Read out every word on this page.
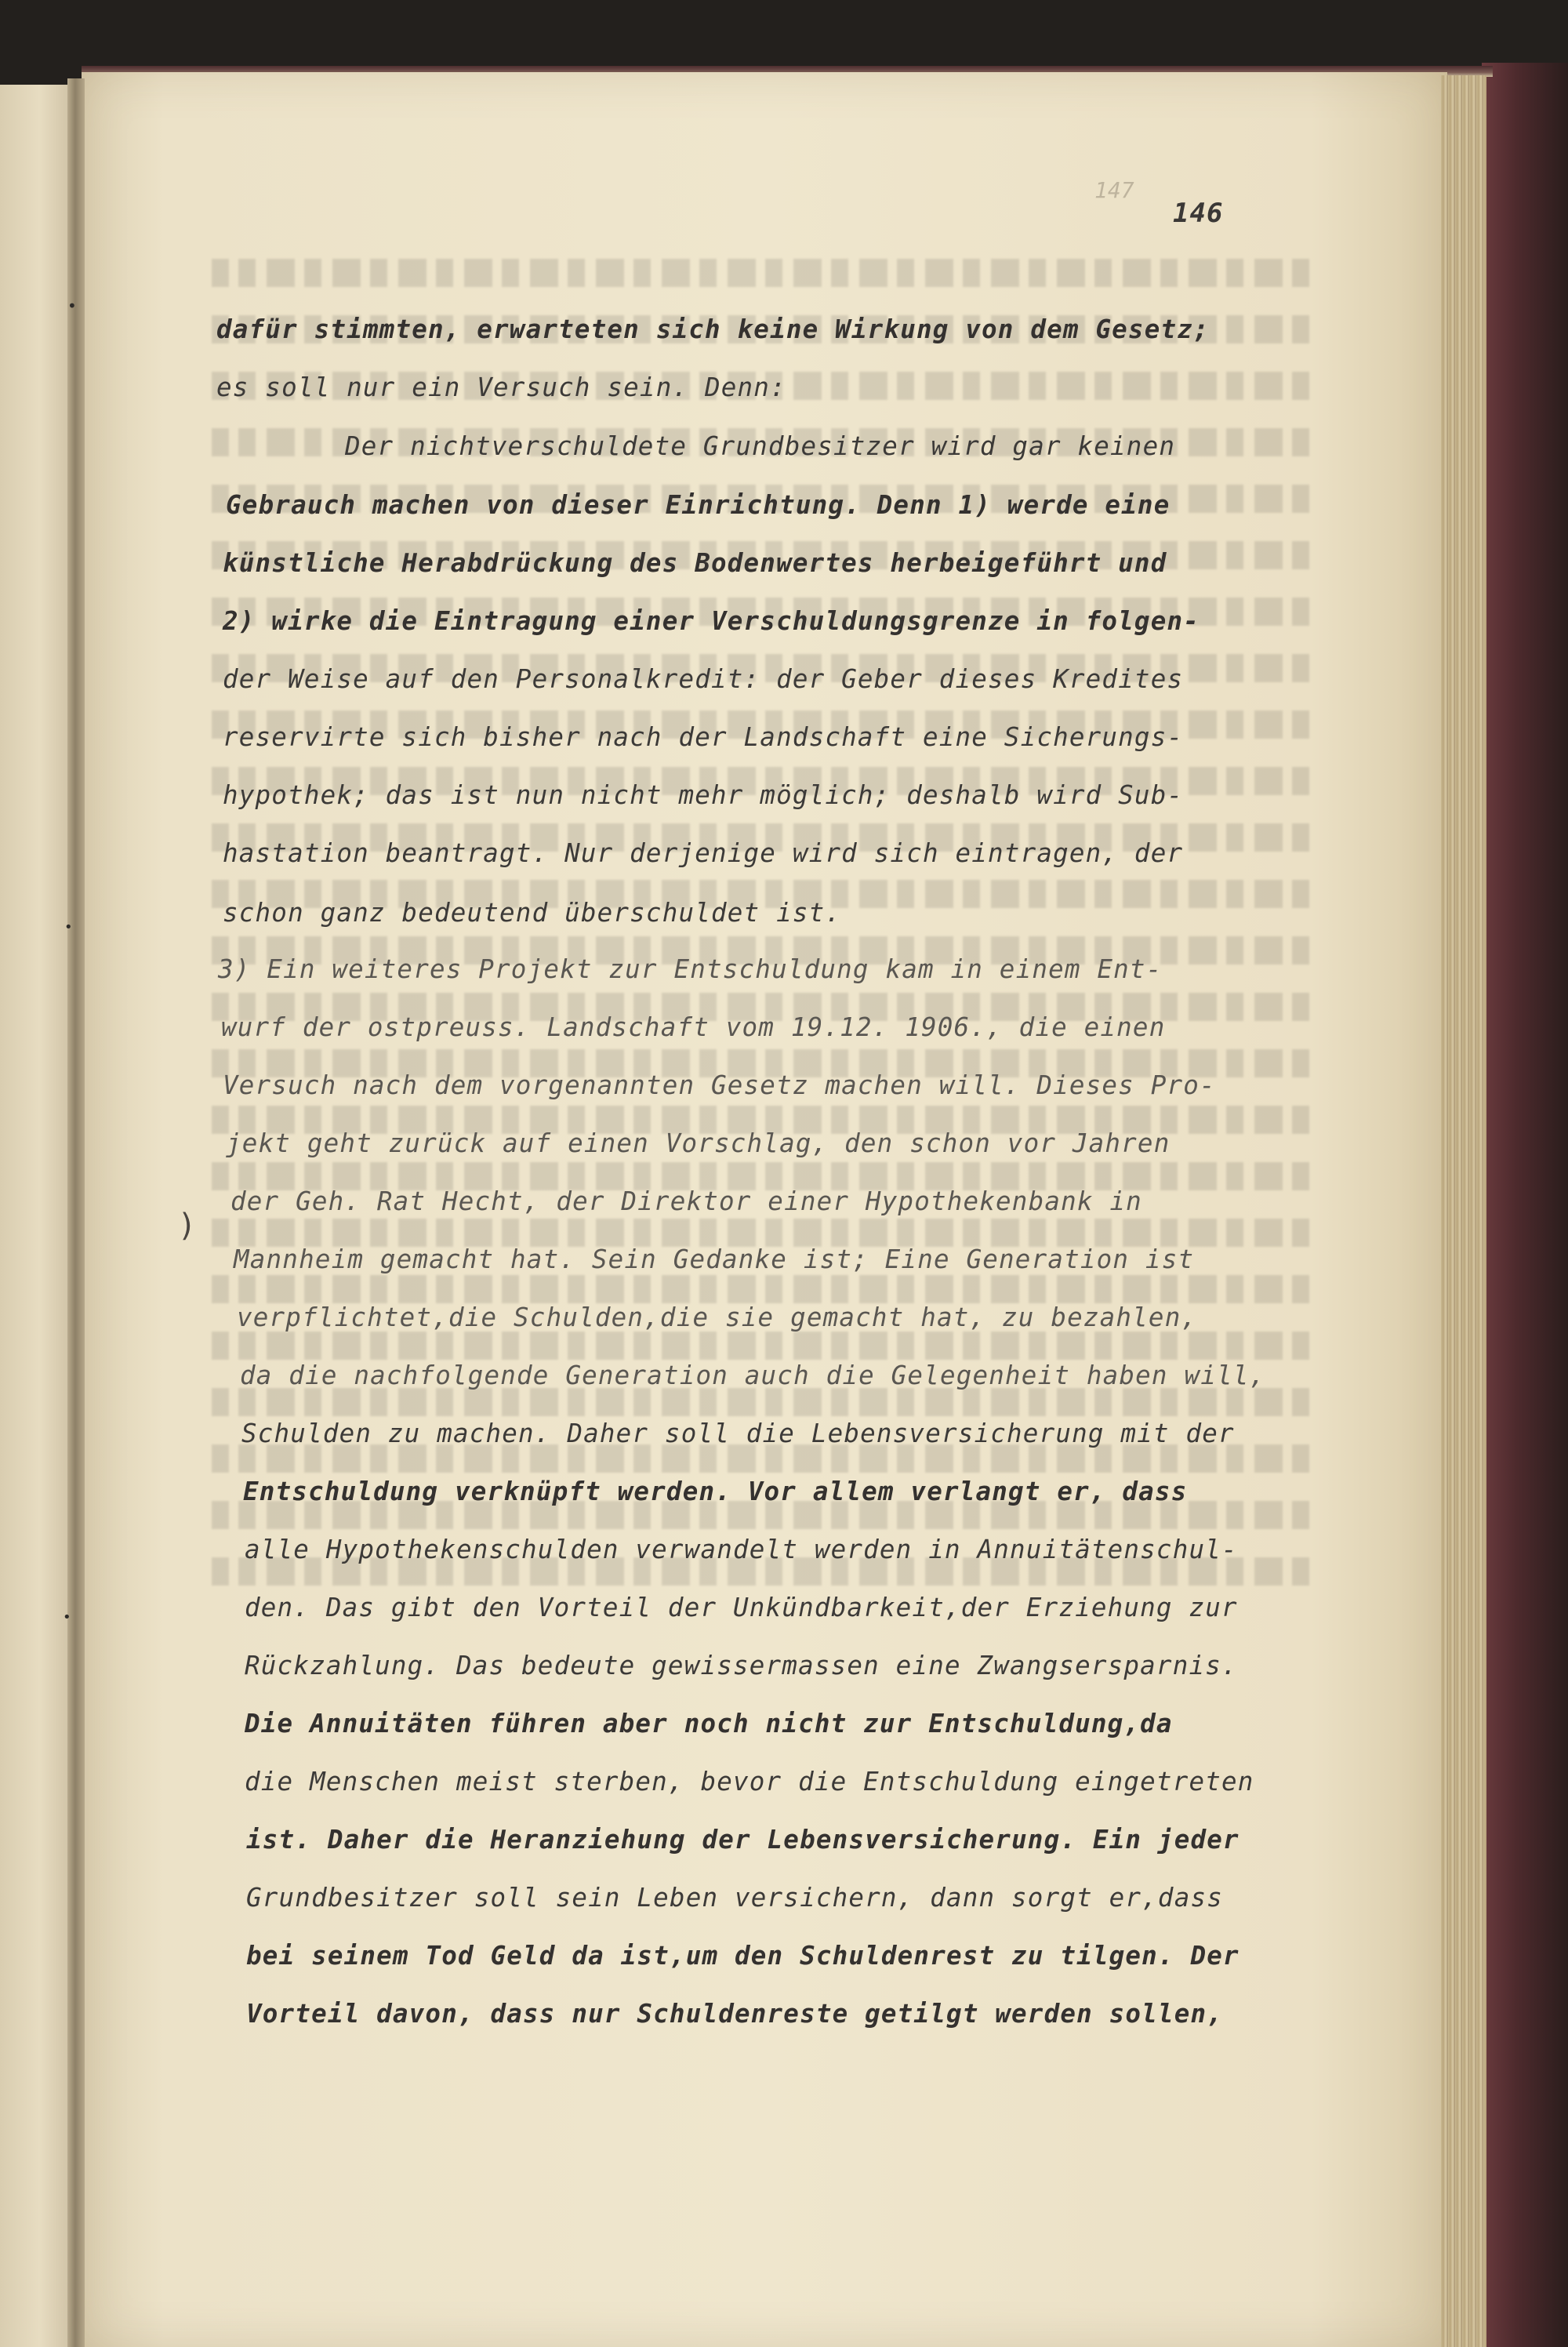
147
146
•
•
•
)
dafür stimmten, erwarteten sich keine Wirkung von dem Gesetz;
es soll nur ein Versuch sein. Denn:
Der nichtverschuldete Grundbesitzer wird gar keinen
Gebrauch machen von dieser Einrichtung. Denn 1) werde eine
künstliche Herabdrückung des Bodenwertes herbeigeführt und
2) wirke die Eintragung einer Verschuldungsgrenze in folgen-
der Weise auf den Personalkredit: der Geber dieses Kredites
reservirte sich bisher nach der Landschaft eine Sicherungs-
hypothek; das ist nun nicht mehr möglich; deshalb wird Sub-
hastation beantragt. Nur derjenige wird sich eintragen, der
schon ganz bedeutend überschuldet ist.
3) Ein weiteres Projekt zur Entschuldung kam in einem Ent-
wurf der ostpreuss. Landschaft vom 19.12. 1906., die einen
Versuch nach dem vorgenannten Gesetz machen will. Dieses Pro-
jekt geht zurück auf einen Vorschlag, den schon vor Jahren
der Geh. Rat Hecht, der Direktor einer Hypothekenbank in
Mannheim gemacht hat. Sein Gedanke ist; Eine Generation ist
verpflichtet,die Schulden,die sie gemacht hat, zu bezahlen,
da die nachfolgende Generation auch die Gelegenheit haben will,
Schulden zu machen. Daher soll die Lebensversicherung mit der
Entschuldung verknüpft werden. Vor allem verlangt er, dass
alle Hypothekenschulden verwandelt werden in Annuitätenschul-
den. Das gibt den Vorteil der Unkündbarkeit,der Erziehung zur
Rückzahlung. Das bedeute gewissermassen eine Zwangsersparnis.
Die Annuitäten führen aber noch nicht zur Entschuldung,da
die Menschen meist sterben, bevor die Entschuldung eingetreten
ist. Daher die Heranziehung der Lebensversicherung. Ein jeder
Grundbesitzer soll sein Leben versichern, dann sorgt er,dass
bei seinem Tod Geld da ist,um den Schuldenrest zu tilgen. Der
Vorteil davon, dass nur Schuldenreste getilgt werden sollen,
